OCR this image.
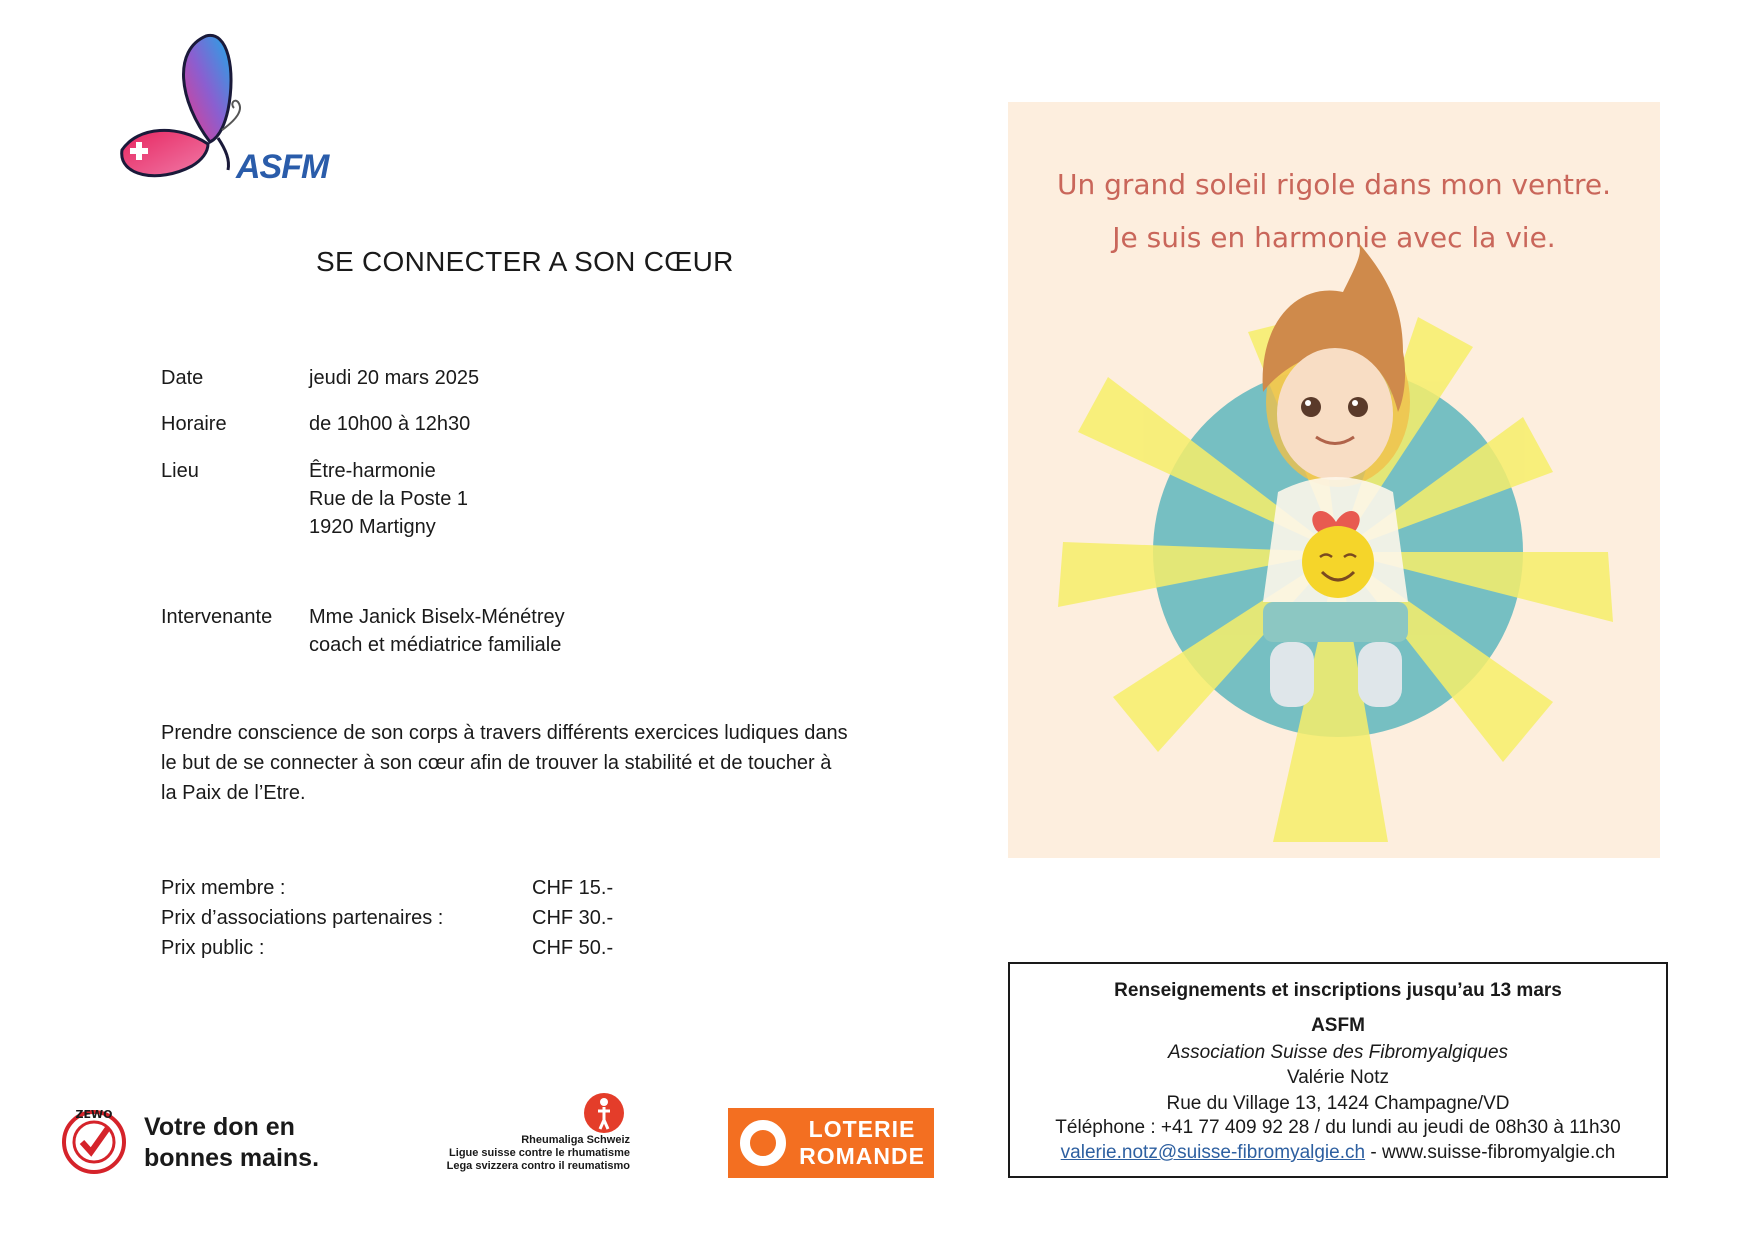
ASFM
SE CONNECTER A SON CŒUR
Date	jeudi 20 mars 2025
Horaire	de 10h00 à 12h30
Lieu	Être-harmonie
Rue de la Poste 1
1920 Martigny
Intervenante Mme Janick Biselx-Ménétrey
coach et médiatrice familiale
Prendre conscience de son corps à travers différents exercices ludiques dans
le but de se connecter à son cœur afin de trouver la stabilité et de toucher à
la Paix de l’Etre.
Prix membre :	CHF 15.-
Prix d’associations partenaires :	CHF 30.-
Prix public :	CHF 50.-
Un grand soleil rigole dans mon ventre.
Je suis en harmonie avec la vie.
Renseignements et inscriptions jusqu’au 13 mars
ASFM
Association Suisse des Fibromyalgiques
Valérie Notz
Rue du Village 13, 1424 Champagne/VD
Téléphone : +41 77 409 92 28 / du lundi au jeudi de 08h30 à 11h30
valerie.notz@suisse-fibromyalgie.ch - www.suisse-fibromyalgie.ch
ZEWO Votre don en
bonnes mains.
Rheumaliga Schweiz
Ligue suisse contre le rhumatisme
Lega svizzera contro il reumatismo
LOTERIE
ROMANDE
